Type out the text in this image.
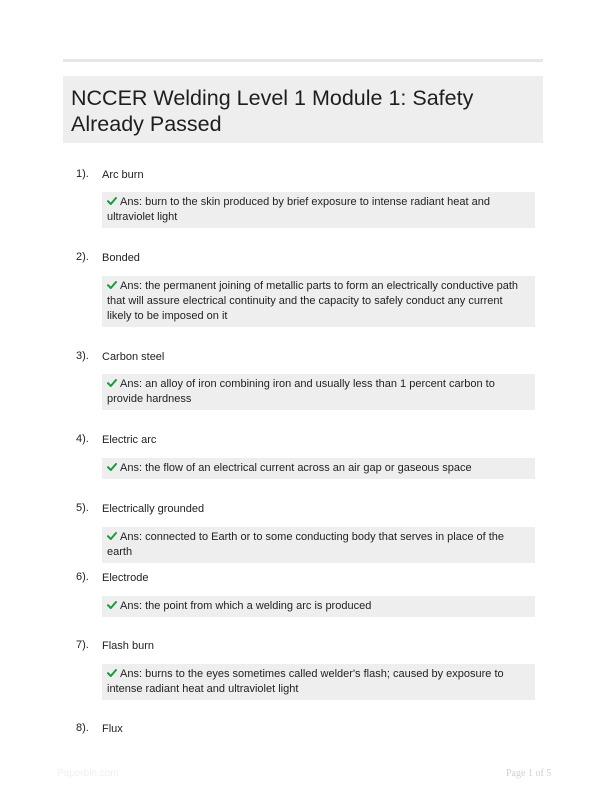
NCCER Welding Level 1 Module 1: Safety Already Passed
1). Arc burn
Ans: burn to the skin produced by brief exposure to intense radiant heat and ultraviolet light
2). Bonded
Ans: the permanent joining of metallic parts to form an electrically conductive path that will assure electrical continuity and the capacity to safely conduct any current likely to be imposed on it
3). Carbon steel
Ans: an alloy of iron combining iron and usually less than 1 percent carbon to provide hardness
4). Electric arc
Ans: the flow of an electrical current across an air gap or gaseous space
5). Electrically grounded
Ans: connected to Earth or to some conducting body that serves in place of the earth
6). Electrode
Ans: the point from which a welding arc is produced
7). Flash burn
Ans: burns to the eyes sometimes called welder's flash; caused by exposure to intense radiant heat and ultraviolet light
8). Flux
Paperbin.com	Page 1 of 5
